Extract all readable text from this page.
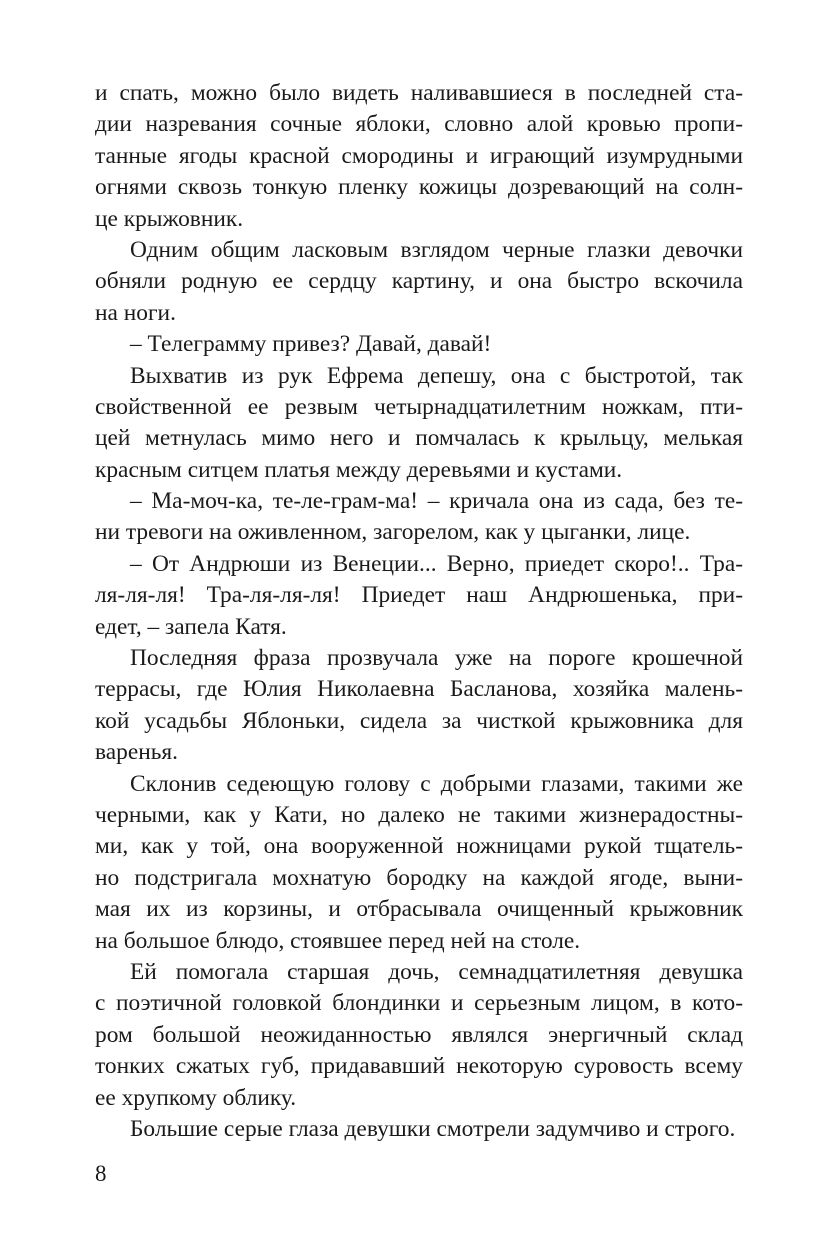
и спать, можно было видеть наливавшиеся в последней ста-
дии назревания сочные яблоки, словно алой кровью пропи-
танные ягоды красной смородины и играющий изумрудными
огнями сквозь тонкую пленку кожицы дозревающий на солн-
це крыжовник.
Одним общим ласковым взглядом черные глазки девочки
обняли родную ее сердцу картину, и она быстро вскочила
на ноги.
– Телеграмму привез? Давай, давай!
Выхватив из рук Ефрема депешу, она с быстротой, так
свойственной ее резвым четырнадцатилетним ножкам, пти-
цей метнулась мимо него и помчалась к крыльцу, мелькая
красным ситцем платья между деревьями и кустами.
– Ма-моч-ка, те-ле-грам-ма! – кричала она из сада, без те-
ни тревоги на оживленном, загорелом, как у цыганки, лице.
– От Андрюши из Венеции... Верно, приедет скоро!.. Тра-
ля-ля-ля! Тра-ля-ля-ля! Приедет наш Андрюшенька, при-
едет, – запела Катя.
Последняя фраза прозвучала уже на пороге крошечной
террасы, где Юлия Николаевна Басланова, хозяйка малень-
кой усадьбы Яблоньки, сидела за чисткой крыжовника для
варенья.
Склонив седеющую голову с добрыми глазами, такими же
черными, как у Кати, но далеко не такими жизнерадостны-
ми, как у той, она вооруженной ножницами рукой тщатель-
но подстригала мохнатую бородку на каждой ягоде, выни-
мая их из корзины, и отбрасывала очищенный крыжовник
на большое блюдо, стоявшее перед ней на столе.
Ей помогала старшая дочь, семнадцатилетняя девушка
с поэтичной головкой блондинки и серьезным лицом, в кото-
ром большой неожиданностью являлся энергичный склад
тонких сжатых губ, придававший некоторую суровость всему
ее хрупкому облику.
Большие серые глаза девушки смотрели задумчиво и строго.
8
